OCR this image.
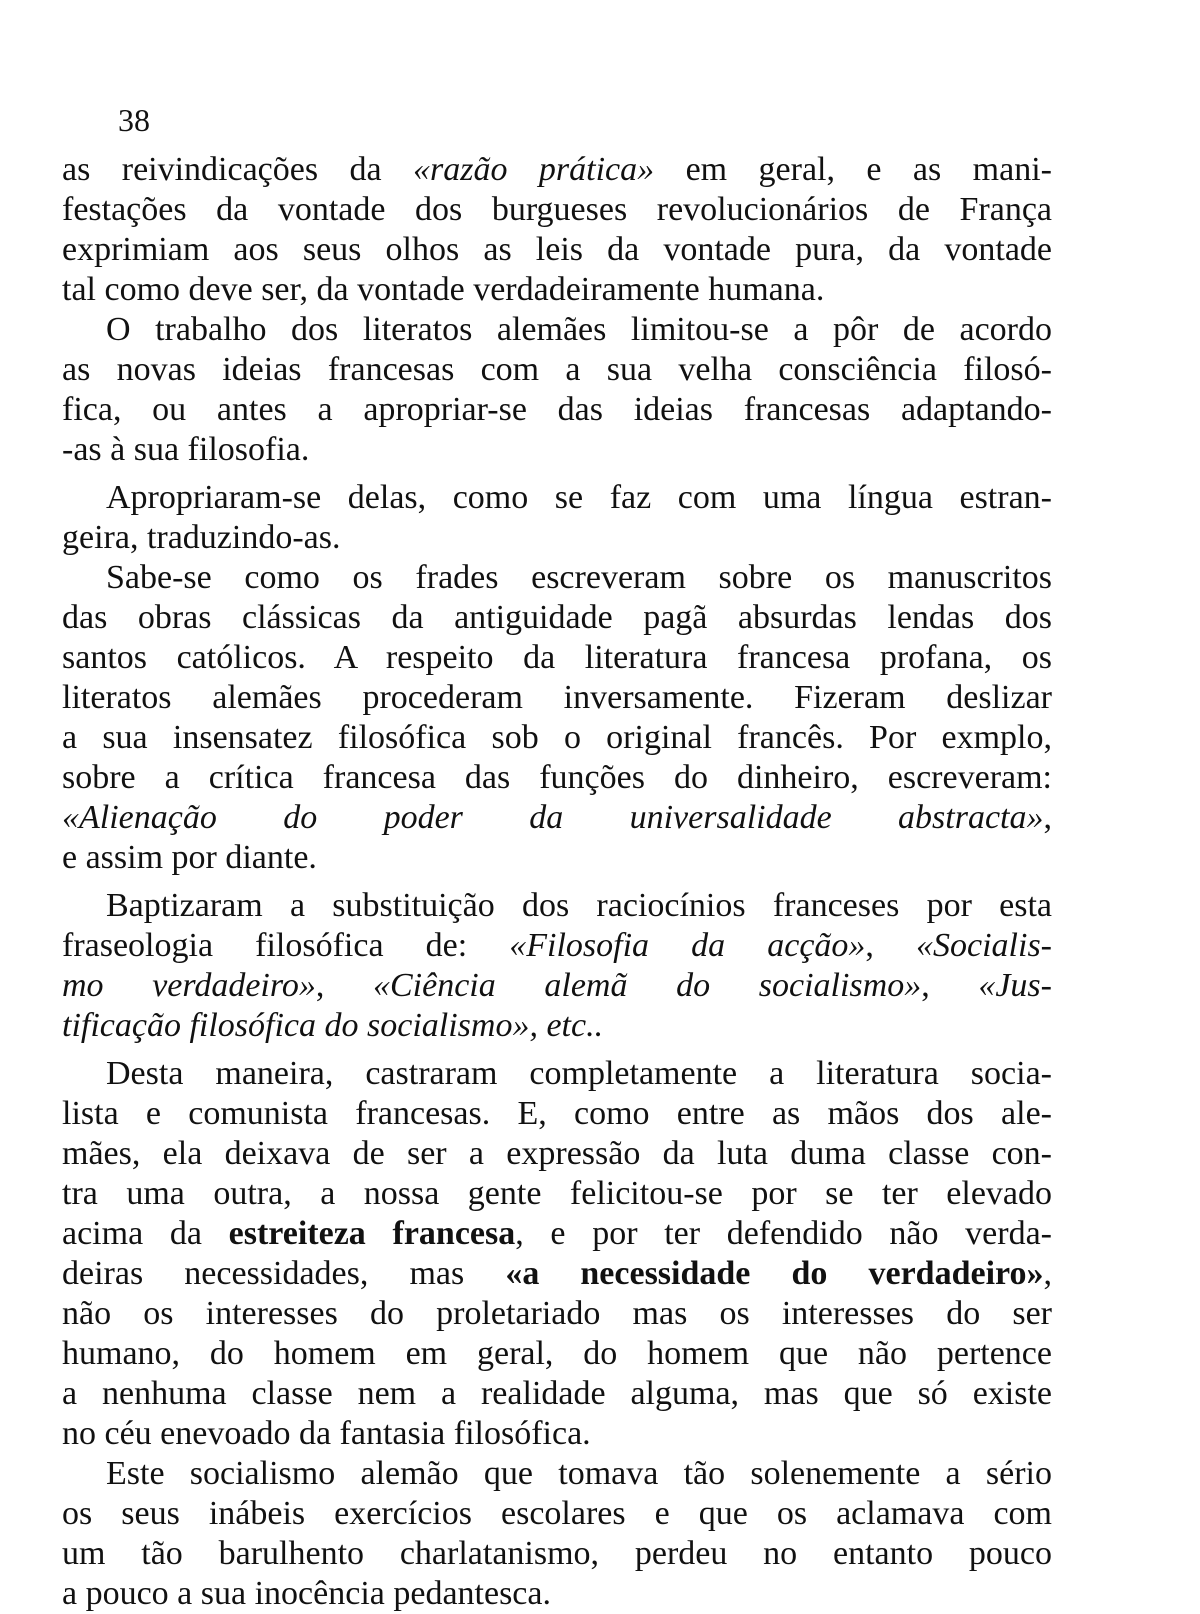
38
as reivindicações da «razão prática» em geral, e as mani-
festações da vontade dos burgueses revolucionários de França
exprimiam aos seus olhos as leis da vontade pura, da vontade
tal como deve ser, da vontade verdadeiramente humana.
O trabalho dos literatos alemães limitou-se a pôr de acordo
as novas ideias francesas com a sua velha consciência filosó-
fica, ou antes a apropriar-se das ideias francesas adaptando-
-as à sua filosofia.
Apropriaram-se delas, como se faz com uma língua estran-
geira, traduzindo-as.
Sabe-se como os frades escreveram sobre os manuscritos
das obras clássicas da antiguidade pagã absurdas lendas dos
santos católicos. A respeito da literatura francesa profana, os
literatos alemães procederam inversamente. Fizeram deslizar
a sua insensatez filosófica sob o original francês. Por exmplo,
sobre a crítica francesa das funções do dinheiro, escreveram:
«Alienação do poder da universalidade abstracta»,
e assim por diante.
Baptizaram a substituição dos raciocínios franceses por esta
fraseologia filosófica de: «Filosofia da acção», «Socialis-
mo verdadeiro», «Ciência alemã do socialismo», «Jus-
tificação filosófica do socialismo», etc..
Desta maneira, castraram completamente a literatura socia-
lista e comunista francesas. E, como entre as mãos dos ale-
mães, ela deixava de ser a expressão da luta duma classe con-
tra uma outra, a nossa gente felicitou-se por se ter elevado
acima da estreiteza francesa, e por ter defendido não verda-
deiras necessidades, mas «a necessidade do verdadeiro»,
não os interesses do proletariado mas os interesses do ser
humano, do homem em geral, do homem que não pertence
a nenhuma classe nem a realidade alguma, mas que só existe
no céu enevoado da fantasia filosófica.
Este socialismo alemão que tomava tão solenemente a sério
os seus inábeis exercícios escolares e que os aclamava com
um tão barulhento charlatanismo, perdeu no entanto pouco
a pouco a sua inocência pedantesca.
